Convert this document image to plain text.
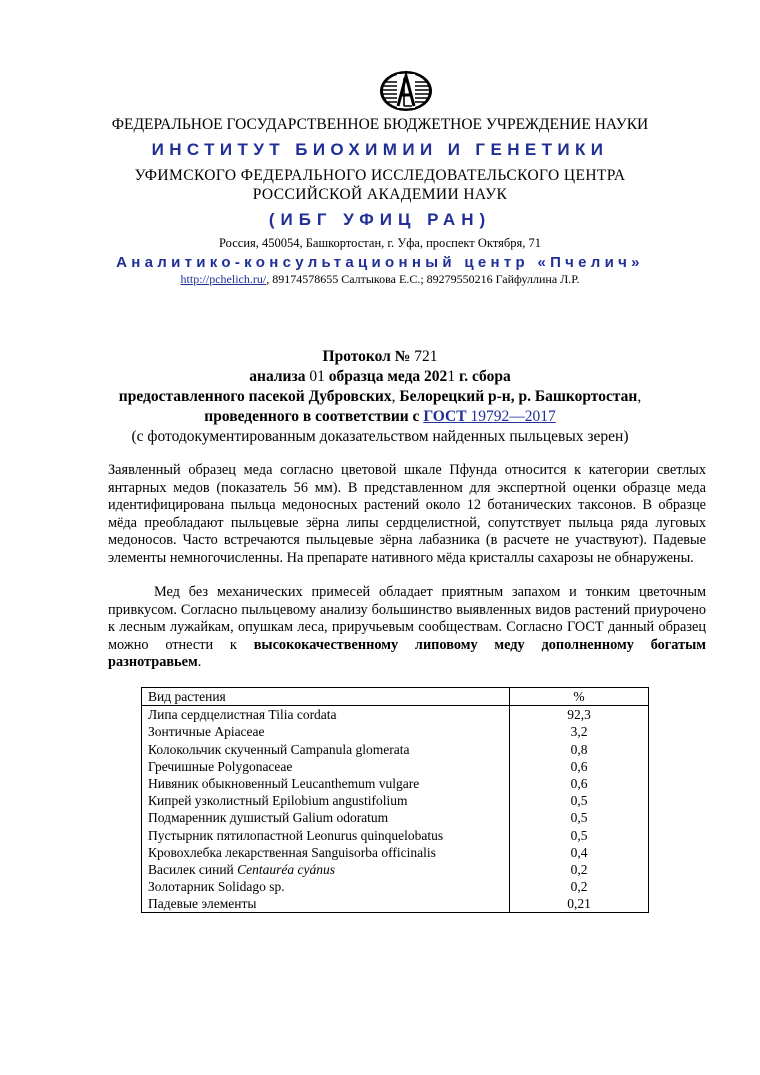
ФЕДЕРАЛЬНОЕ ГОСУДАРСТВЕННОЕ БЮДЖЕТНОЕ УЧРЕЖДЕНИЕ НАУКИ
ИНСТИТУТ БИОХИМИИ И ГЕНЕТИКИ
УФИМСКОГО ФЕДЕРАЛЬНОГО ИССЛЕДОВАТЕЛЬСКОГО ЦЕНТРА
РОССИЙСКОЙ АКАДЕМИИ НАУК
(ИБГ УФИЦ РАН)
Россия, 450054, Башкортостан, г. Уфа, проспект Октября, 71
Аналитико-консультационный центр «Пчелич»
http://pchelich.ru/, 89174578655 Салтыкова Е.С.; 89279550216 Гайфуллина Л.Р.
Протокол № 721
анализа 01 образца меда 2021 г. сбора
предоставленного пасекой Дубровских, Белорецкий р-н, р. Башкортостан,
проведенного в соответствии с ГОСТ 19792—2017
(с фотодокументированным доказательством найденных пыльцевых зерен)
Заявленный образец меда согласно цветовой шкале Пфунда относится к категории светлых янтарных медов (показатель 56 мм). В представленном для экспертной оценки образце меда идентифицирована пыльца медоносных растений около 12 ботанических таксонов. В образце мёда преобладают пыльцевые зёрна липы сердцелистной, сопутствует пыльца ряда луговых медоносов. Часто встречаются пыльцевые зёрна лабазника (в расчете не участвуют). Падевые элементы немногочисленны. На препарате нативного мёда кристаллы сахарозы не обнаружены.
Мед без механических примесей обладает приятным запахом и тонким цветочным привкусом. Согласно пыльцевому анализу большинство выявленных видов растений приурочено к лесным лужайкам, опушкам леса, приручьевым сообществам. Согласно ГОСТ данный образец можно отнести к высококачественному липовому меду дополненному богатым разнотравьем.
Вид растения	%
Липа сердцелистная Tilia cordata	92,3
Зонтичные Apiaceae	3,2
Колокольчик скученный Campanula glomerata	0,8
Гречишные Polygonaceae	0,6
Нивяник обыкновенный Leucanthemum vulgare	0,6
Кипрей узколистный Epilobium angustifolium	0,5
Подмаренник душистый Galium odoratum	0,5
Пустырник пятилопастной Leonurus quinquelobatus	0,5
Кровохлебка лекарственная Sanguisorba officinalis	0,4
Василек синий Centauréa cyánus	0,2
Золотарник Solidago sp.	0,2
Падевые элементы	0,21
